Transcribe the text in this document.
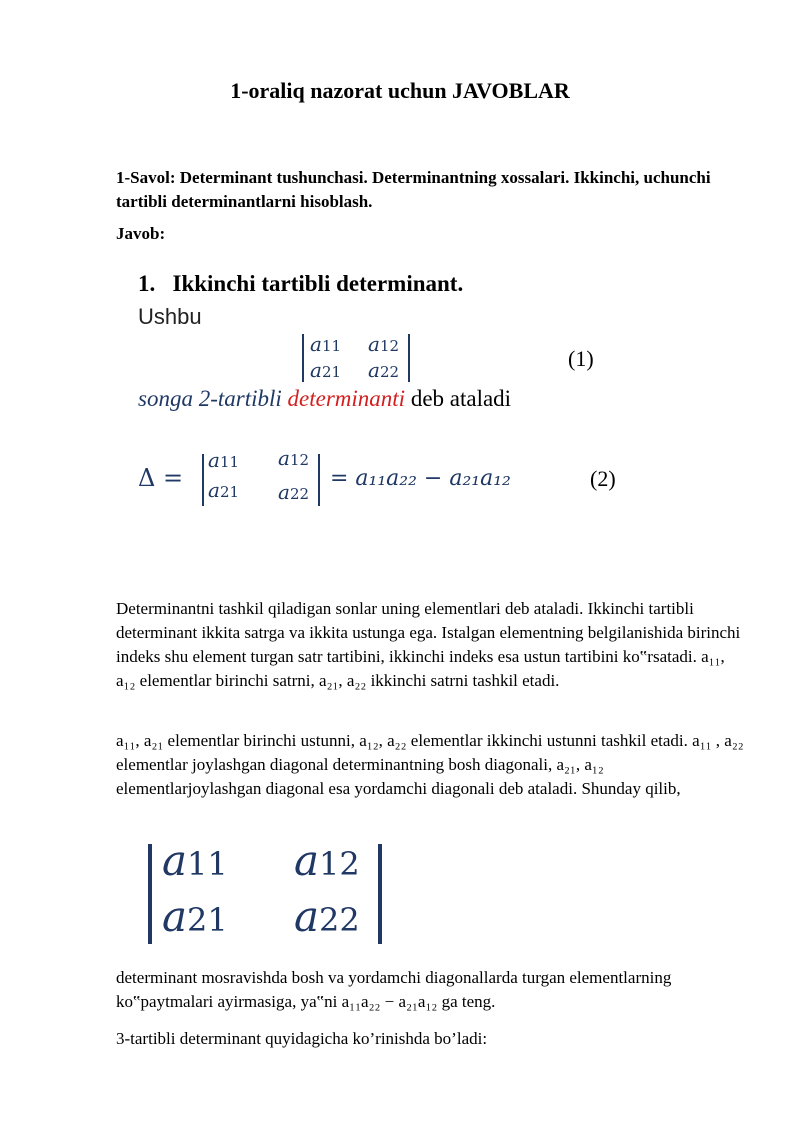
1-oraliq nazorat uchun JAVOBLAR
1-Savol: Determinant tushunchasi. Determinantning xossalari. Ikkinchi, uchunchi tartibli determinantlarni hisoblash.
Javob:
1.   Ikkinchi tartibli determinant.
Ushbu
a11 a12
a21 a22
(1)
songa 2-tartibli determinanti deb ataladi
Δ =
a11 a12
a21 a22
= a₁₁a₂₂ − a₂₁a₁₂	(2)
Determinantni tashkil qiladigan sonlar uning elementlari deb ataladi. Ikkinchi tartibli determinant ikkita satrga va ikkita ustunga ega. Istalgan elementning belgilanishida birinchi indeks shu element turgan satr tartibini, ikkinchi indeks esa ustun tartibini ko‟rsatadi. a₁₁, a₁₂ elementlar birinchi satrni, a₂₁, a₂₂ ikkinchi satrni tashkil etadi.
a₁₁, a₂₁ elementlar birinchi ustunni, a₁₂, a₂₂ elementlar ikkinchi ustunni tashkil etadi. a₁₁ , a₂₂ elementlar joylashgan diagonal determinantning bosh diagonali, a₂₁, a₁₂ elementlarjoylashgan diagonal esa yordamchi diagonali deb ataladi. Shunday qilib,
a11 a12
a21 a22
determinant mosravishda bosh va yordamchi diagonallarda turgan elementlarning ko‟paytmalari ayirmasiga, ya‟ni a₁₁a₂₂ − a₂₁a₁₂ ga teng.
3-tartibli determinant quyidagicha ko’rinishda bo’ladi:
